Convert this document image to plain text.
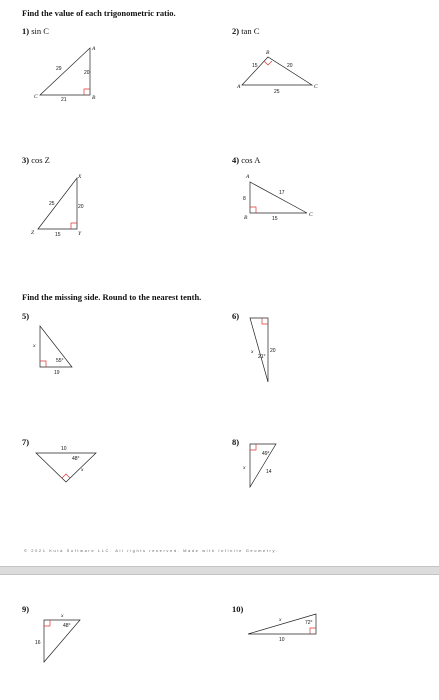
Find the value of each trigonometric ratio.
Find the missing side. Round to the nearest tenth.
1) sin C
A
B
C
29
20
21
2) tan C
B
A	C
15	20
25
3) cos Z
X
Y
Z
25	20
15
4) cos A
A
B	C
8
17
15
5)
x
55°
19
6)
x
21°
20
7)
10
48°
x
8)
x
49°
14
© 2021 Kuta Software LLC. All rights reserved. Made with Infinite Geometry.
9)
x
48°
16
10)
x	72°
10
